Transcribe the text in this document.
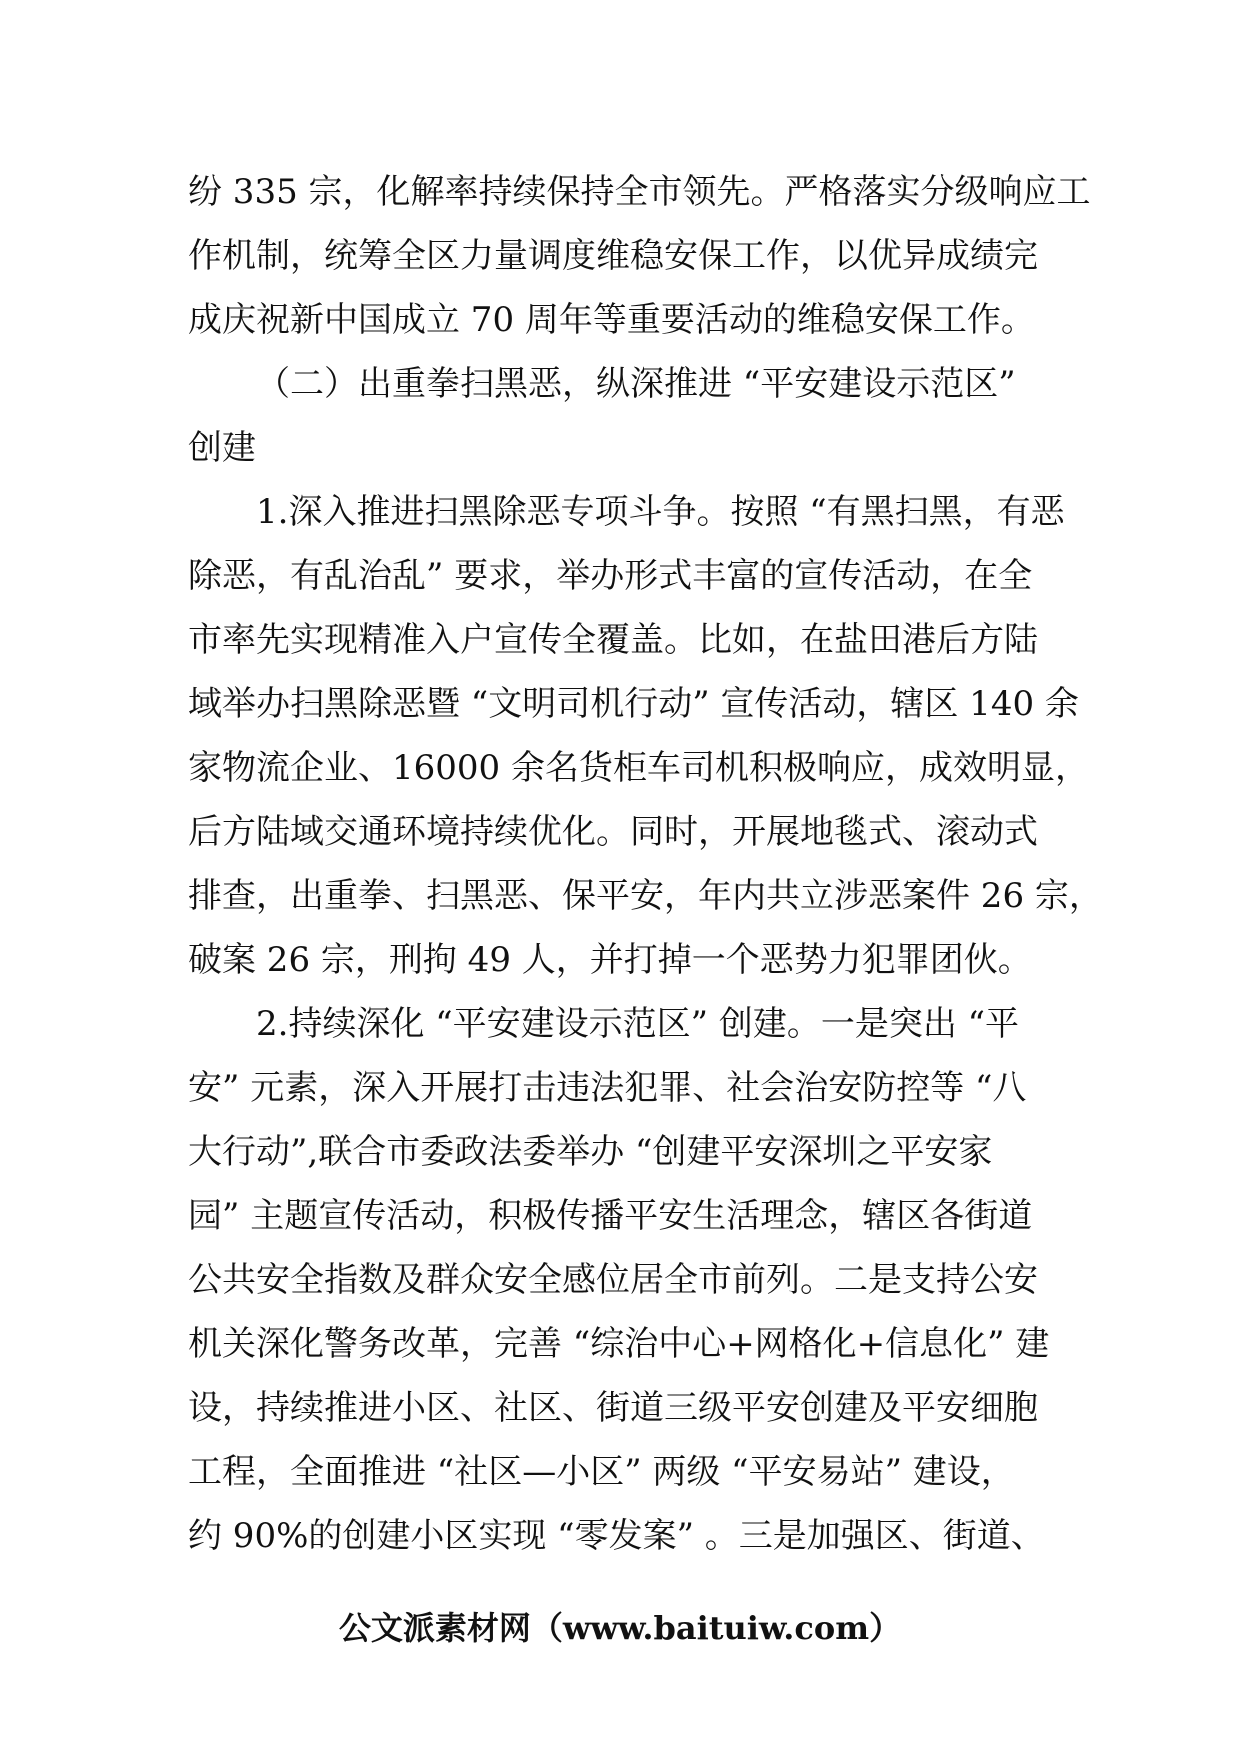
纷 335 宗，化解率持续保持全市领先。严格落实分级响应工
作机制，统筹全区力量调度维稳安保工作，以优异成绩完
成庆祝新中国成立 70 周年等重要活动的维稳安保工作。
（二）出重拳扫黑恶，纵深推进 “平安建设示范区”
创建
1.深入推进扫黑除恶专项斗争。按照 “有黑扫黑，有恶
除恶，有乱治乱” 要求，举办形式丰富的宣传活动，在全
市率先实现精准入户宣传全覆盖。比如，在盐田港后方陆
域举办扫黑除恶暨 “文明司机行动” 宣传活动，辖区 140 余
家物流企业、16000 余名货柜车司机积极响应，成效明显，
后方陆域交通环境持续优化。同时，开展地毯式、滚动式
排查，出重拳、扫黑恶、保平安，年内共立涉恶案件 26 宗，
破案 26 宗，刑拘 49 人，并打掉一个恶势力犯罪团伙。
2.持续深化 “平安建设示范区” 创建。一是突出 “平
安” 元素，深入开展打击违法犯罪、社会治安防控等 “八
大行动”,联合市委政法委举办 “创建平安深圳之平安家
园” 主题宣传活动，积极传播平安生活理念，辖区各街道
公共安全指数及群众安全感位居全市前列。二是支持公安
机关深化警务改革，完善 “综治中心+网格化+信息化” 建
设，持续推进小区、社区、街道三级平安创建及平安细胞
工程，全面推进 “社区—小区” 两级 “平安易站” 建设，
约 90%的创建小区实现 “零发案” 。三是加强区、街道、
公文派素材网（www.baituiw.com）
